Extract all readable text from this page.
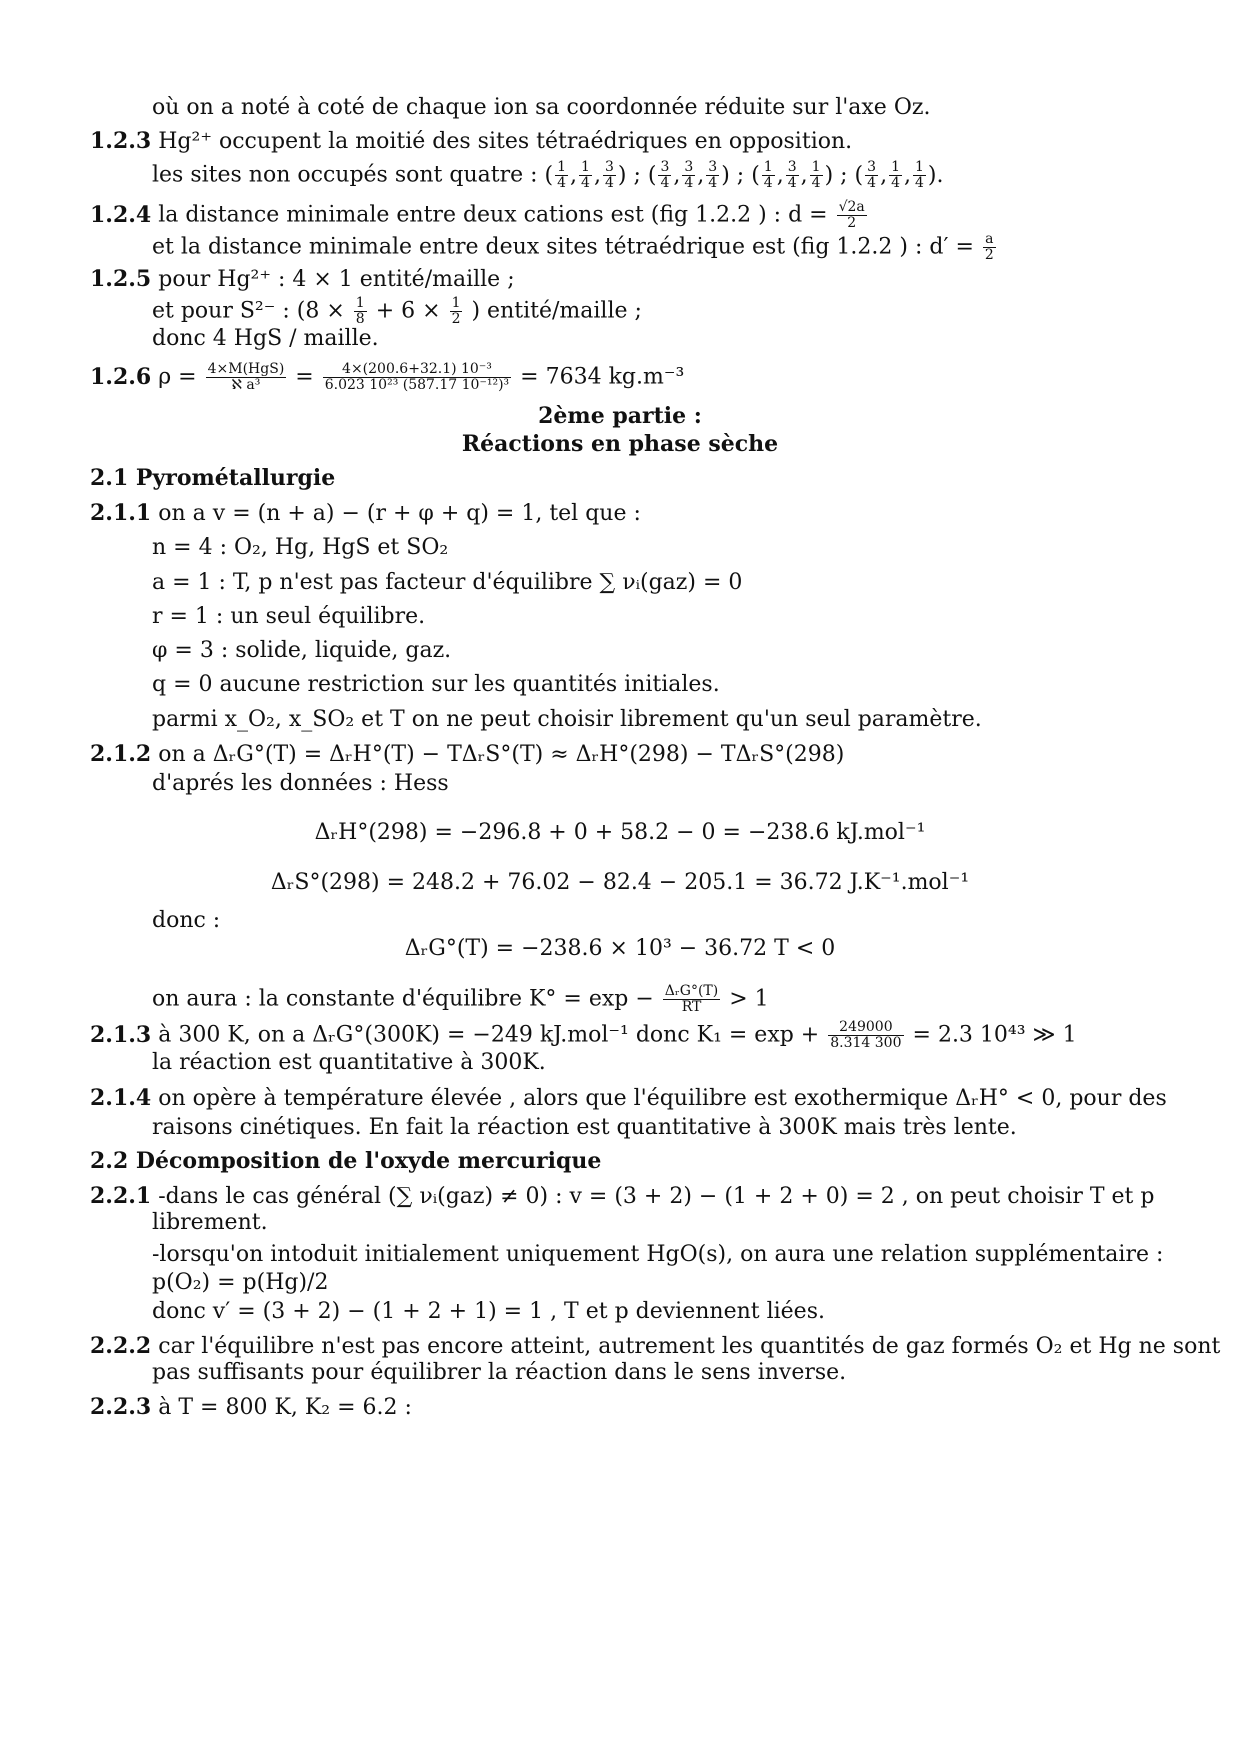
où on a noté à coté de chaque ion sa coordonnée réduite sur l'axe Oz.
1.2.3 Hg²⁺ occupent la moitié des sites tétraédriques en opposition.
les sites non occupés sont quatre : ( $\frac{1}{4}$ , $\frac{1}{4}$ , $\frac{3}{4}$ ) ; ( $\frac{3}{4}$ , $\frac{3}{4}$ , $\frac{3}{4}$ ) ; ( $\frac{1}{4}$ , $\frac{3}{4}$ , $\frac{1}{4}$ ) ; ( $\frac{3}{4}$ , $\frac{1}{4}$ , $\frac{1}{4}$ ).
1.2.4 la distance minimale entre deux cations est (fig 1.2.2 ) : $d = \frac{√2a}{2}$
et la distance minimale entre deux sites tétraédrique est (fig 1.2.2 ) : $d' = \frac{a}{2}$
1.2.5 pour Hg²⁺ : 4 × 1 entité/maille ;
et pour S²⁻ : ($8 \times \frac{1}{8} + 6 \times \frac{1}{2}$ ) entité/maille ;
donc 4 HgS / maille.
1.2.6 ρ = 4×M(HgS)
ℵ a³	= $\frac{\text{4×(200.6+32.1) 10⁻³}}{\text{6.023 10²³ (587.17 10⁻¹²)³}} = 7634$ kg.m⁻³
2ème partie :
Réactions en phase sèche
2.1 Pyrométallurgie
2.1.1 on a v = (n + a) − (r + φ + q) = 1, tel que :
n = 4 : O₂, Hg, HgS et SO₂
a = 1 : T, p n'est pas facteur d'équilibre ∑ νᵢ(gaz) = 0
r = 1 : un seul équilibre.
φ = 3 : solide, liquide, gaz.
q = 0 aucune restriction sur les quantités initiales.
parmi x_O₂, x_SO₂ et T on ne peut choisir librement qu'un seul paramètre.
2.1.2 on a ΔᵣG°(T) = ΔᵣH°(T) − TΔᵣS°(T) ≈ ΔᵣH°(298) − TΔᵣS°(298)
d'aprés les données : Hess
ΔᵣH°(298) = −296.8 + 0 + 58.2 − 0 = −238.6 kJ.mol⁻¹
ΔᵣS°(298) = 248.2 + 76.02 − 82.4 − 205.1 = 36.72 J.K⁻¹.mol⁻¹
donc :
ΔᵣG°(T) = −238.6 × 10³ − 36.72 T < 0
on aura : la constante d'équilibre K° = exp − ΔᵣG°(T)
RT	> 1
2.1.3 à 300 K, on a ΔᵣG°(300K) = −249 kJ.mol⁻¹ donc $K_1 = \exp + \frac{249000}{8.314 300} = 2.3$ 10⁴³ ≫ 1
la réaction est quantitative à 300K.
2.1.4 on opère à température élevée , alors que l'équilibre est exothermique ΔᵣH° < 0, pour des
raisons cinétiques. En fait la réaction est quantitative à 300K mais très lente.
2.2 Décomposition de l'oxyde mercurique
2.2.1 -dans le cas général (∑ νᵢ(gaz) ≠ 0) : v = (3 + 2) − (1 + 2 + 0) = 2 , on peut choisir T et p
librement.
-lorsqu'on intoduit initialement uniquement HgO(s), on aura une relation supplémentaire :
p(O₂) = p(Hg)/2
donc v′ = (3 + 2) − (1 + 2 + 1) = 1 , T et p deviennent liées.
2.2.2 car l'équilibre n'est pas encore atteint, autrement les quantités de gaz formés O₂ et Hg ne sont
pas suffisants pour équilibrer la réaction dans le sens inverse.
2.2.3 à T = 800 K, K₂ = 6.2 :
